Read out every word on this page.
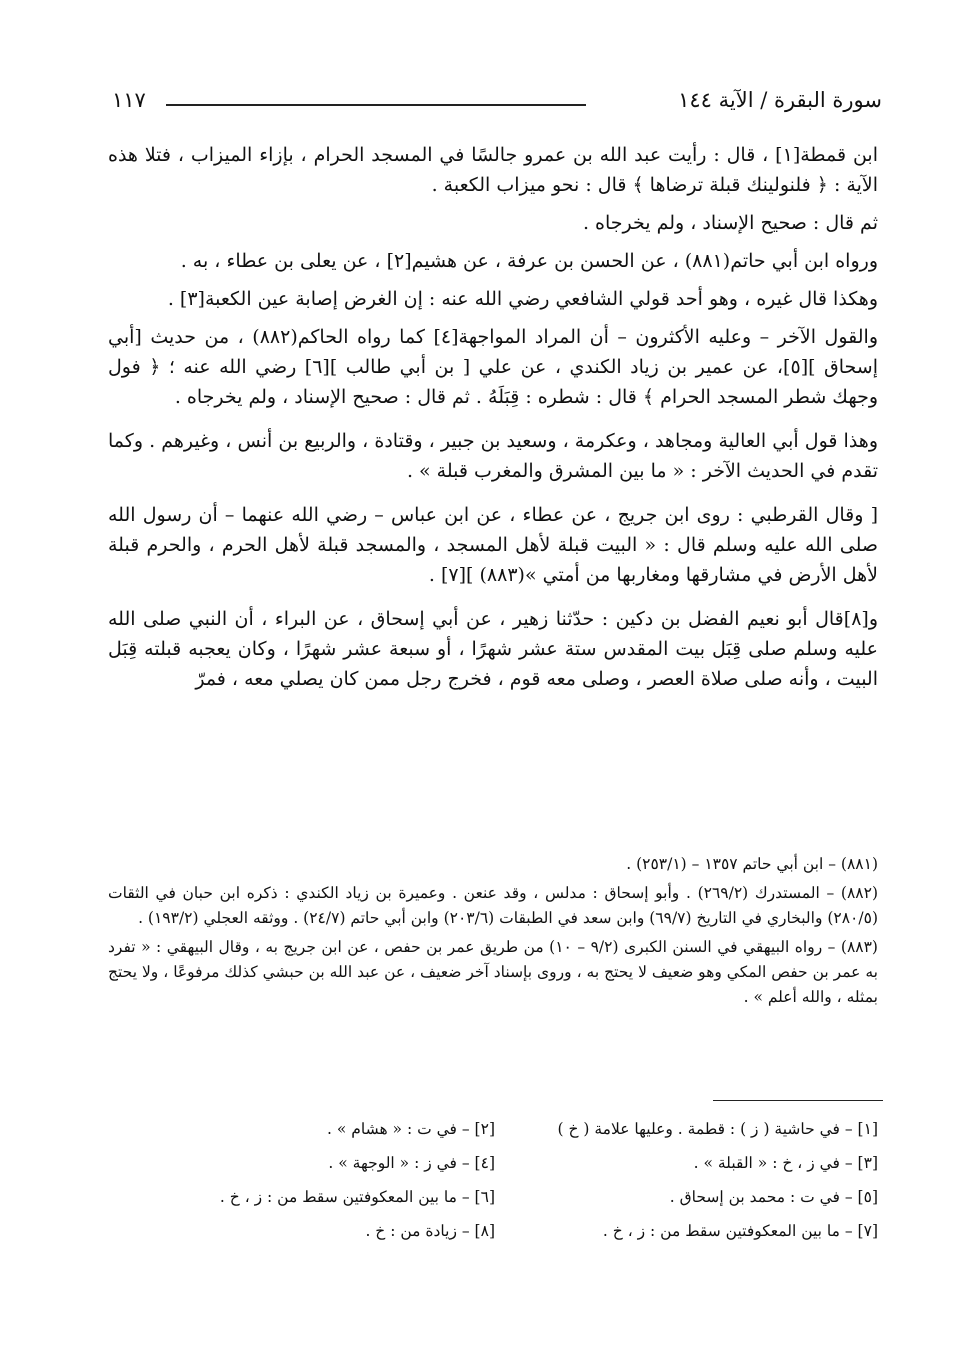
سورة البقرة / الآية ١٤٤
١١٧

ابن قمطة[١] ، قال : رأيت عبد الله بن عمرو جالسًا في المسجد الحرام ، بإزاء الميزاب ، فتلا هذه الآية : ﴿ فلنولينك قبلة ترضاها ﴾ قال : نحو ميزاب الكعبة .

ثم قال : صحيح الإسناد ، ولم يخرجاه .

ورواه ابن أبي حاتم(٨٨١) ، عن الحسن بن عرفة ، عن هشيم[٢] ، عن يعلى بن عطاء ، به .

وهكذا قال غيره ، وهو أحد قولي الشافعي رضي الله عنه : إن الغرض إصابة عين الكعبة[٣] .

والقول الآخر – وعليه الأكثرون – أن المراد المواجهة[٤] كما رواه الحاكم(٨٨٢) ، من حديث [أبي إسحاق ][٥]، عن عمير بن زياد الكندي ، عن علي [ بن أبي طالب ][٦] رضي الله عنه ؛ ﴿ فول وجهك شطر المسجد الحرام ﴾ قال : شطره : قِبَلَهُ . ثم قال : صحيح الإسناد ، ولم يخرجاه .

وهذا قول أبي العالية ومجاهد ، وعكرمة ، وسعيد بن جبير ، وقتادة ، والربيع بن أنس ، وغيرهم . وكما تقدم في الحديث الآخر : « ما بين المشرق والمغرب قبلة » .

[ وقال القرطبي : روى ابن جريج ، عن عطاء ، عن ابن عباس – رضي الله عنهما – أن رسول الله صلى الله عليه وسلم قال : « البيت قبلة لأهل المسجد ، والمسجد قبلة لأهل الحرم ، والحرم قبلة لأهل الأرض في مشارقها ومغاربها من أمتي »(٨٨٣) ][٧] .

و[٨]قال أبو نعيم الفضل بن دكين : حدّثنا زهير ، عن أبي إسحاق ، عن البراء ، أن النبي صلى الله عليه وسلم صلى قِبَل بيت المقدس ستة عشر شهرًا ، أو سبعة عشر شهرًا ، وكان يعجبه قبلته قِبَل البيت ، وأنه صلى صلاة العصر ، وصلى معه قوم ، فخرج رجل ممن كان يصلي معه ، فمرّ

(٨٨١) – ابن أبي حاتم ١٣٥٧ – (٢٥٣/١) .

(٨٨٢) – المستدرك (٢٦٩/٢) . وأبو إسحاق : مدلس ، وقد عنعن . وعميرة بن زياد الكندي : ذكره ابن حبان في الثقات (٢٨٠/٥) والبخاري في التاريخ (٦٩/٧) وابن سعد في الطبقات (٢٠٣/٦) وابن أبي حاتم (٢٤/٧) . ووثقه العجلي (١٩٣/٢) .

(٨٨٣) – رواه البيهقي في السنن الكبرى (٩/٢ – ١٠) من طريق عمر بن حفص ، عن ابن جريج به ، وقال البيهقي : « تفرد به عمر بن حفص المكي وهو ضعيف لا يحتج به ، وروى بإسناد آخر ضعيف ، عن عبد الله بن حبشي كذلك مرفوعًا ، ولا يحتج بمثله ، والله أعلم » .

[١] – في حاشية ( ز ) : قطمة . وعليها علامة ( خ )
[٢] – في ت : « هشام » .
[٣] – في ز ، خ : « القبلة » .
[٤] – في ز : « الوجهة » .
[٥] – في ت : محمد بن إسحاق .
[٦] – ما بين المعكوفتين سقط من : ز ، خ .
[٧] – ما بين المعكوفتين سقط من : ز ، خ .
[٨] – زيادة من : خ .
